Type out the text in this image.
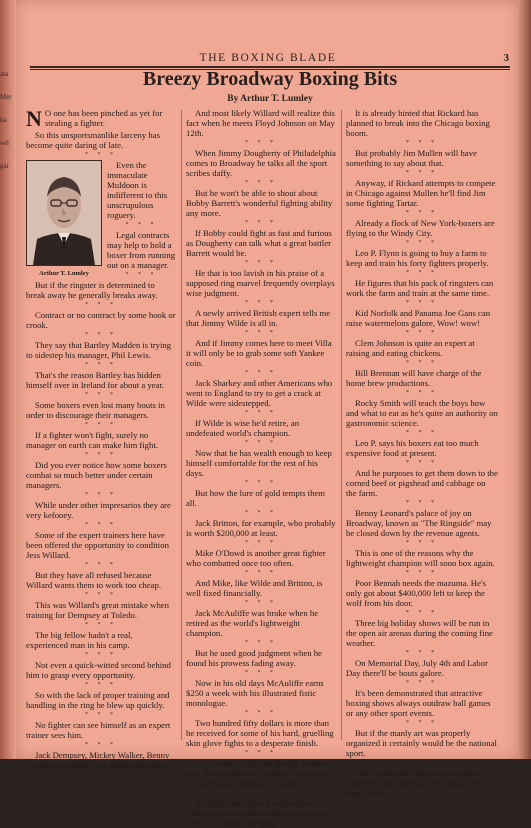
ata
Mer
ha
wil
gai
THE BOXING BLADE	3
Breezy Broadway Boxing Bits
By Arthur T. Lumley

N O one has been pinched as yet for stealing a fighter.

So this unsportsmanlike larceny has become quite daring of late.

* * *
Arthur T. Lumley

Even the immaculate Muldoon is indifferent to this unscrupulous roguery.

* * *

Legal contracts may help to hold a boxer from running out on a manager.

* * *

But if the ringster is determined to break away he generally breaks away.

* * *

Contract or no contract by some hook or crook.

* * *

They say that Bartley Madden is trying to sidestep his manager, Phil Lewis.

* * *

That's the reason Bartley has hidden himself over in Ireland for about a year.

* * *

Some boxers even lost many bouts in order to discourage their managers.

* * *

If a fighter won't fight, surely no manager on earth can make him fight.

* * *

Did you ever notice how some boxers combat so much better under certain managers.

* * *

While under other impresarios they are very kefooey.

* * *

Some of the expert trainers here have been offered the opportunity to condition Jess Willard.

* * *

But they have all refused because Willard wants them to work too cheap.

* * *

This was Willard's great mistake when training for Dempsey at Toledo.

* * *

The big fellow hadn't a real, experienced man in his camp.

* * *

Not even a quick-witted second behind him to grasp every opportunity.

* * *

So with the lack of proper training and handling in the ring he blew up quickly.

* * *

No fighter can see himself as an expert trainer sees him.

* * *

Jack Dempsey, Mickey Walker, Benny Leonard and other wise champions know this.

And most likely Willard will realize this fact when he meets Floyd Johnson on May 12th.

* * *

When Jimmy Dougherty of Philadelphia comes to Broadway he talks all the sport scribes daffy.

* * *

But he won't be able to shout about Bobby Barrett's wonderful fighting ability any more.

* * *

If Bobby could fight as fast and furious as Dougherty can talk what a great battler Barrett would be.

* * *

He that is too lavish in his praise of a supposed ring marvel frequently overplays wise judgment.

* * *

A newly arrived British expert tells me that Jimmy Wilde is all in.

* * *

And if Jimmy comes here to meet Villa it will only be to grab some soft Yankee coin.

* * *

Jack Sharkey and other Americans who went to England to try to get a crack at Wilde were sidestepped.

* * *

If Wilde is wise he'd retire, an undefeated world's champion.

* * *

Now that he has wealth enough to keep himself comfortable for the rest of his days.

* * *

But how the lure of gold tempts them all.

* * *

Jack Britton, for example, who probably is worth $200,000 at least.

* * *

Mike O'Dowd is another great fighter who combatted once too often.

* * *

And Mike, like Wilde and Britton, is well fixed financially.

* * *

Jack McAuliffe was broke when he retired as the world's lightweight champion.

* * *

But he used good judgment when he found his prowess fading away.

* * *

Now in his old days McAuliffe earns $250 a week with his illustrated fistic monologue.

* * *

Two hundred fifty dollars is more than he received for some of his hard, gruelling skin glove fights to a desperate finish.

* * *

The Garden clique are greatly alarmed over the popular and financial success of the big boxing shows in Chicago.

* * *

Ringling and Rickard realize that Chicago has become a dangerous rival to their New York monopoly.

It is already hinted that Rickard has planned to break into the Chicago boxing boom.

* * *

But probably Jim Mullen will have something to say about that.

* * *

Anyway, if Rickard attempts to compete in Chicago against Mullen he'll find Jim some fighting Tartar.

* * *

Already a flock of New York-boxers are flying to the Windy City.

* * *

Leo P. Flynn is going to buy a farm to keep and train his forty fighters properly.

* * *

He figures that his pack of ringsters can work the farm and train at the same time.

* * *

Kid Norfolk and Panama Joe Gans can raise watermelons galore, Wow! wow!

* * *

Clem Johnson is quite an expert at raising and eating chickens.

* * *

Bill Brennan will have charge of the home brew productions.

* * *

Rocky Smith will teach the boys how and what to eat as he's quite an authority on gastronomic science.

* * *

Leo P. says his boxers eat too much expensive food at present.

* * *

And he purposes to get them down to the corned beef or pigshead and cabbage on the farm.

* * *

Benny Leonard's palace of joy on Broadway, known as "The Ringside" may be closed down by the revenue agents.

* * *

This is one of the reasons why the lightweight champion will soon box again.

* * *

Poor Bennah needs the mazuma. He's only got about $400,000 left to keep the wolf from his door.

* * *

Three big holiday shows will be run in the open air arenas during the coming fine weather.

* * *

On Memorial Day, July 4th and Labor Day there'll be bouts galore.

* * *

It's been demonstrated that attractive boxing shows always outdraw ball games or any other sport events.

* * *

But if the manly art was properly organized it certainly would be the national sport.

* * *

Old Pistiana has been often unjustly knocked about but has never taken the count as yet.
